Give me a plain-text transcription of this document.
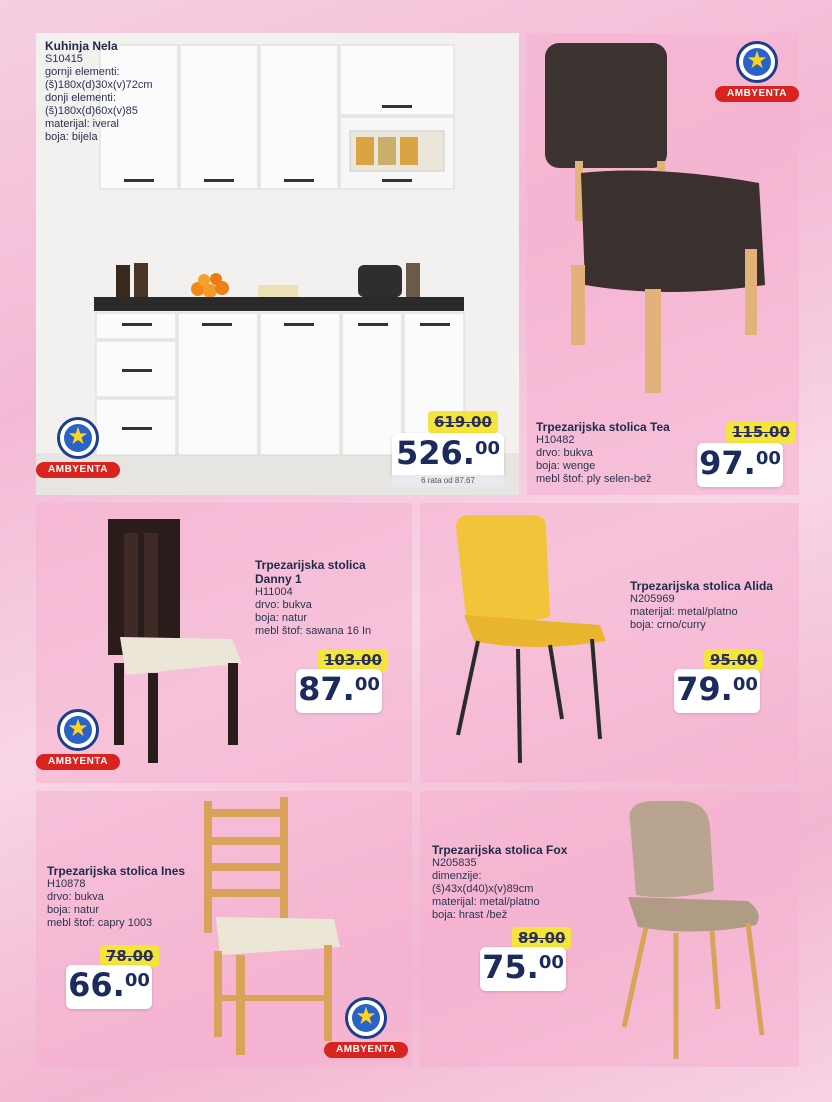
Kuhinja Nela
S10415
gornji elementi:
(š)180x(d)30x(v)72cm
donji elementi:
(š)180x(d)60x(v)85
materijal: iveral
boja: bijela
★
AMBYENTA
619.00
526. 00
6 rata od 87.67
★
AMBYENTA
Trpezarijska stolica Tea
H10482
drvo: bukva
boja: wenge
mebl štof: ply selen-bež
115.00
97. 00
★
AMBYENTA
Trpezarijska stolica
Danny 1
H11004
drvo: bukva
boja: natur
mebl štof: sawana 16 In
103.00
87. 00
Trpezarijska stolica Alida
N205969
materijal: metal/platno
boja: crno/curry
95.00
79. 00
★
AMBYENTA
Trpezarijska stolica Ines
H10878
drvo: bukva
boja: natur
mebl štof: capry 1003
78.00
66. 00
Trpezarijska stolica Fox
N205835
dimenzije:
(š)43x(d40)x(v)89cm
materijal: metal/platno
boja: hrast /bež
89.00
75. 00
